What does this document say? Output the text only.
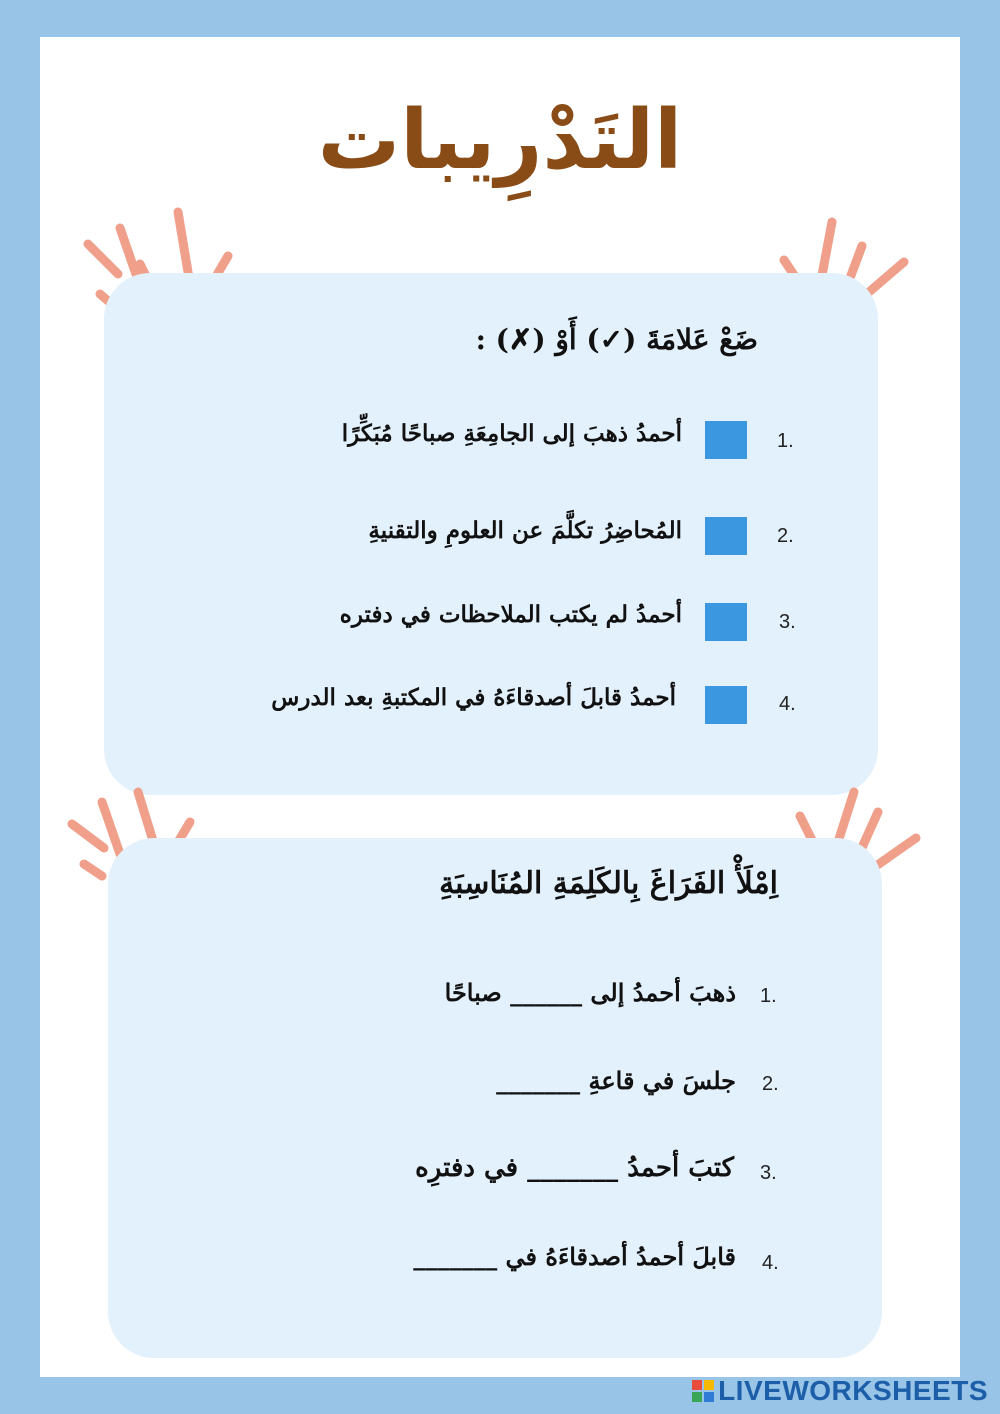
التَدْرِيبات
ضَعْ عَلامَةَ (✓) أَوْ (✗) :
1.
أحمدُ ذهبَ إلى الجامِعَةِ صباحًا مُبَكِّرًا
2.
المُحاضِرُ تكلَّمَ عن العلومِ والتقنيةِ
3.
أحمدُ لم يكتب الملاحظات في دفتره
4.
أحمدُ قابلَ أصدقاءَهُ في المكتبةِ بعد الدرس
اِمْلَأْ الفَرَاغَ بِالكَلِمَةِ المُنَاسِبَةِ
1.
ذهبَ أحمدُ إلى ______ صباحًا
2.
جلسَ في قاعةِ _______
3.
كتبَ أحمدُ _______ في دفترِه
4.
قابلَ أحمدُ أصدقاءَهُ في _______
LIVEWORKSHEETS
